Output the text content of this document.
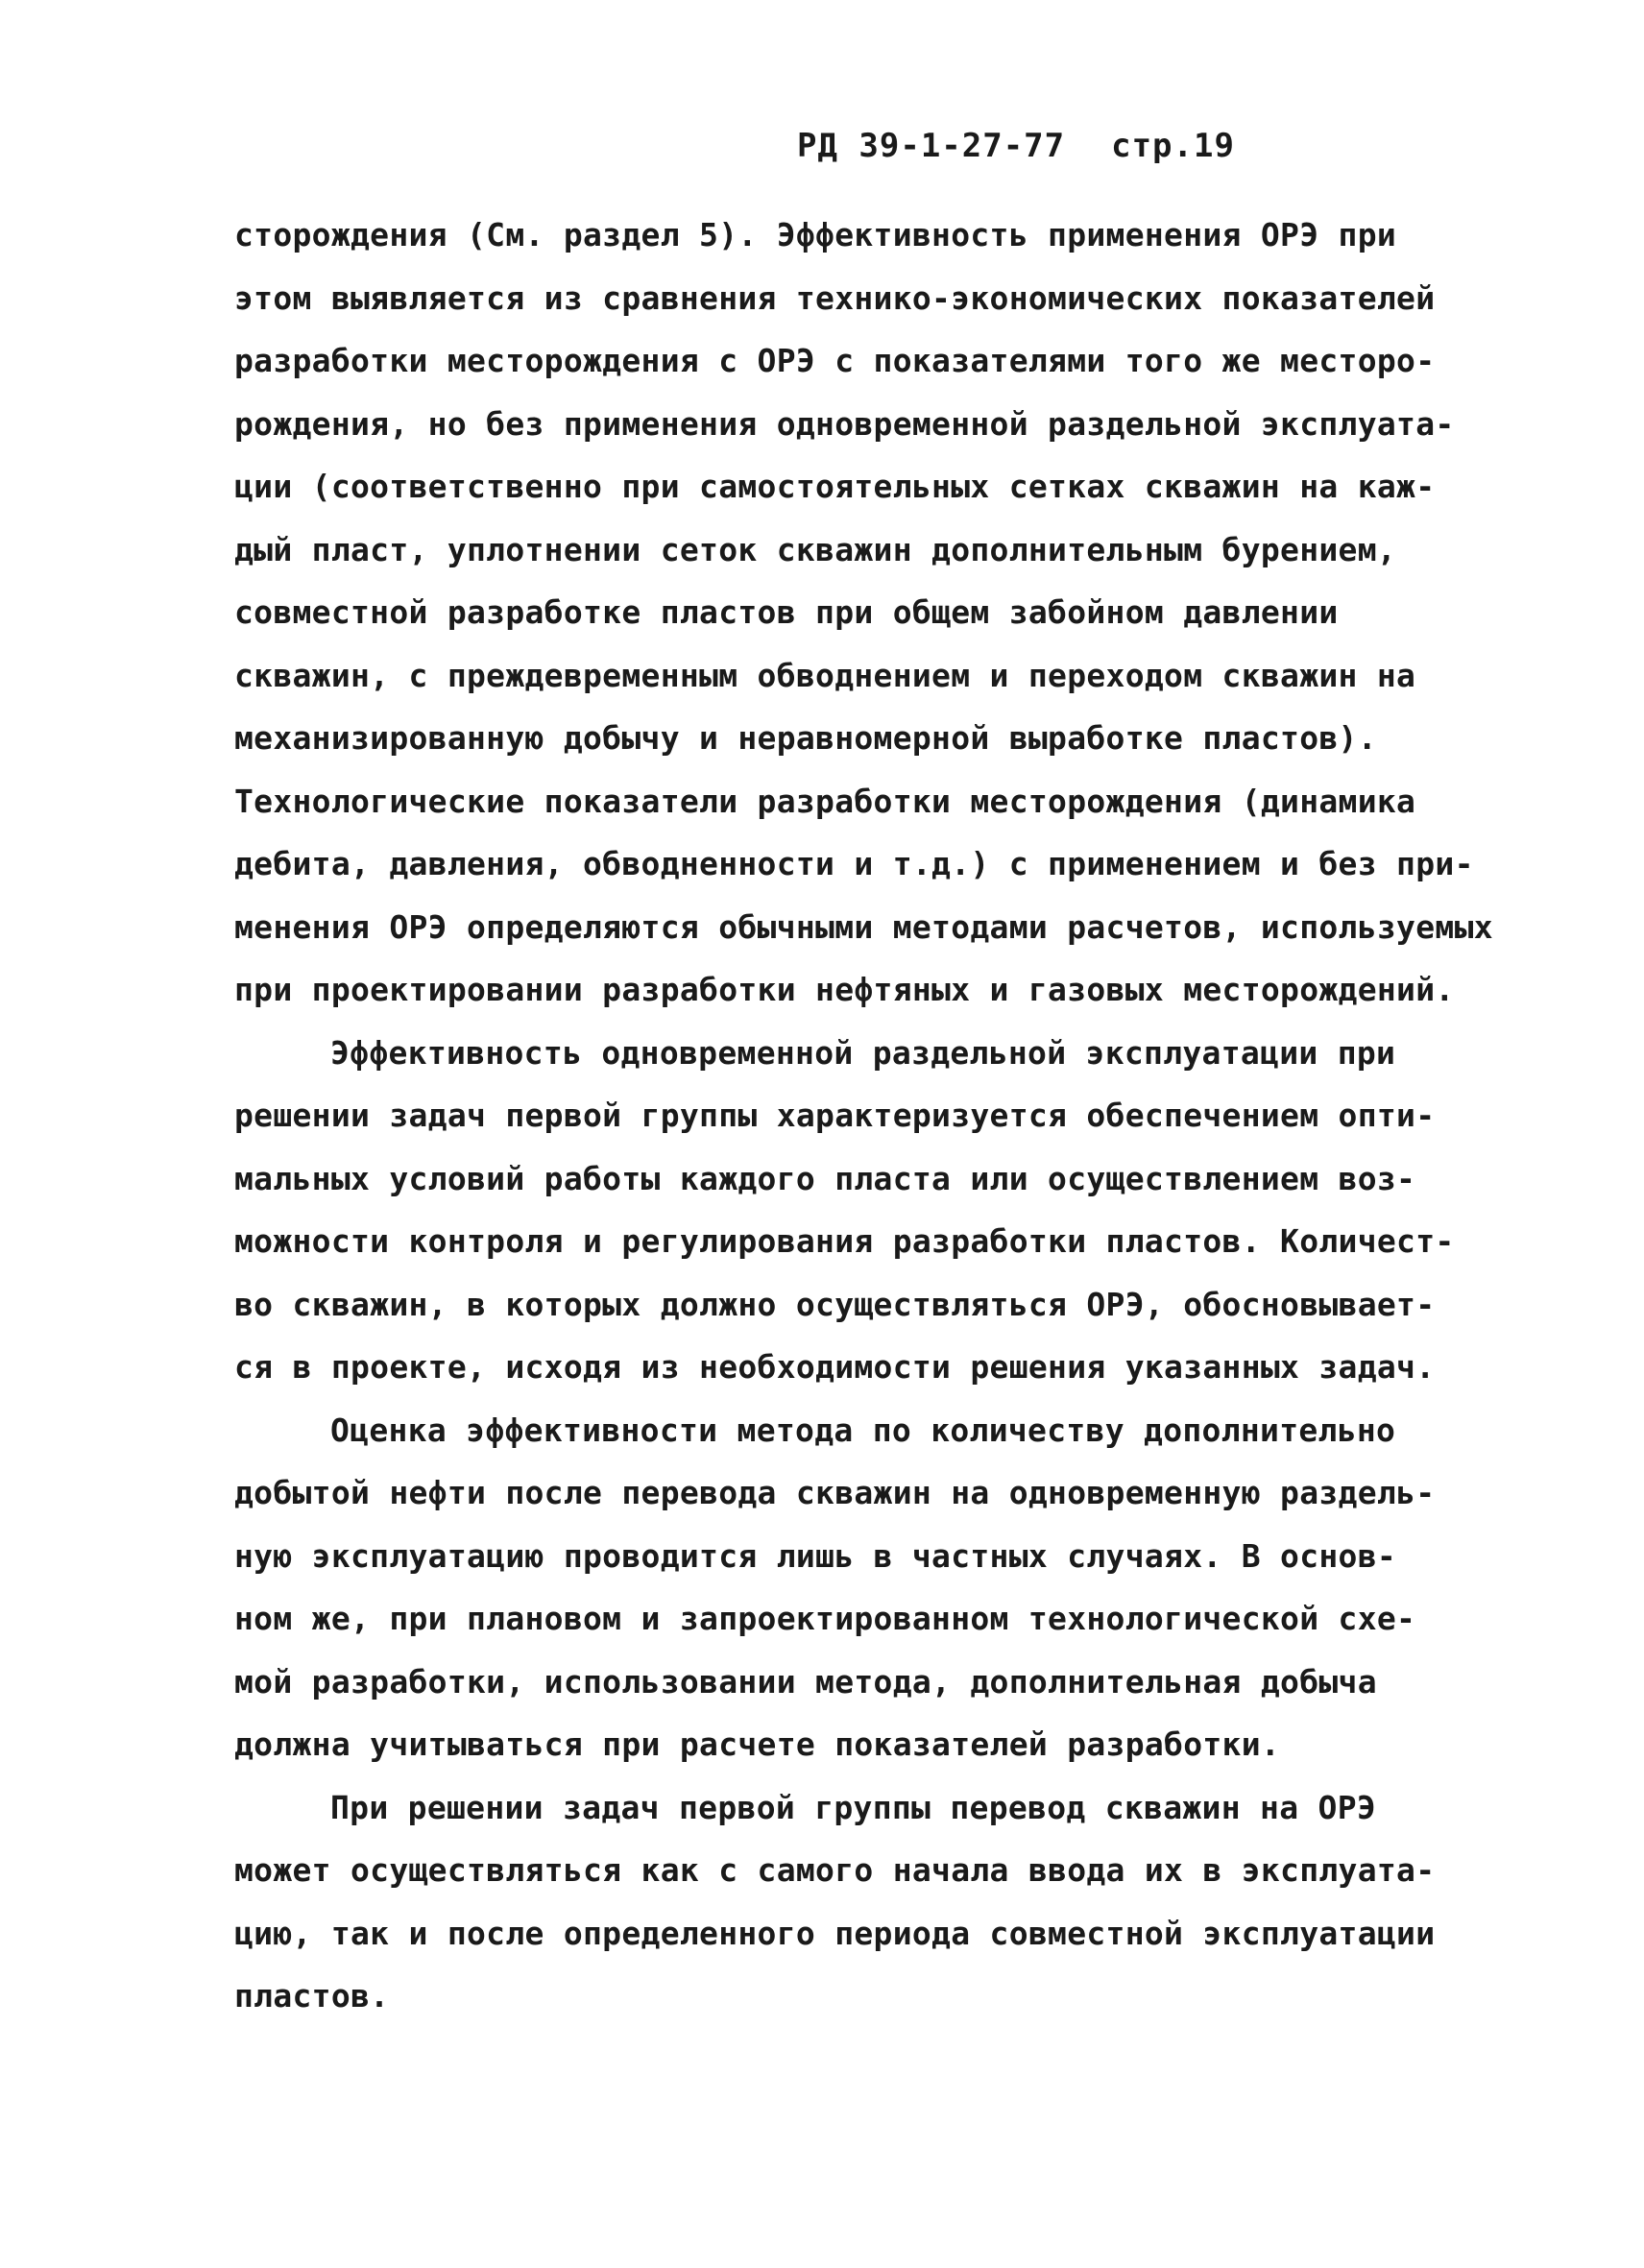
РД 39-1-27-77 стр.19
сторождения (См. раздел 5). Эффективность применения ОРЭ при
этом выявляется из сравнения технико-экономических показателей
разработки месторождения с ОРЭ с показателями того же месторо-
рождения, но без применения одновременной раздельной эксплуата-
ции (соответственно при самостоятельных сетках скважин на каж-
дый пласт, уплотнении сеток скважин дополнительным бурением,
совместной разработке пластов при общем забойном давлении
скважин, с преждевременным обводнением и переходом скважин на
механизированную добычу и неравномерной выработке пластов).
Технологические показатели разработки месторождения (динамика
дебита, давления, обводненности и т.д.) с применением и без при-
менения ОРЭ определяются обычными методами расчетов, используемых
при проектировании разработки нефтяных и газовых месторождений.
Эффективность одновременной раздельной эксплуатации при
решении задач первой группы характеризуется обеспечением опти-
мальных условий работы каждого пласта или осуществлением воз-
можности контроля и регулирования разработки пластов. Количест-
во скважин, в которых должно осуществляться ОРЭ, обосновывает-
ся в проекте, исходя из необходимости решения указанных задач.
Оценка эффективности метода по количеству дополнительно
добытой нефти после перевода скважин на одновременную раздель-
ную эксплуатацию проводится лишь в частных случаях. В основ-
ном же, при плановом и запроектированном технологической схе-
мой разработки, использовании метода, дополнительная добыча
должна учитываться при расчете показателей разработки.
При решении задач первой группы перевод скважин на ОРЭ
может осуществляться как с самого начала ввода их в эксплуата-
цию, так и после определенного периода совместной эксплуатации
пластов.
